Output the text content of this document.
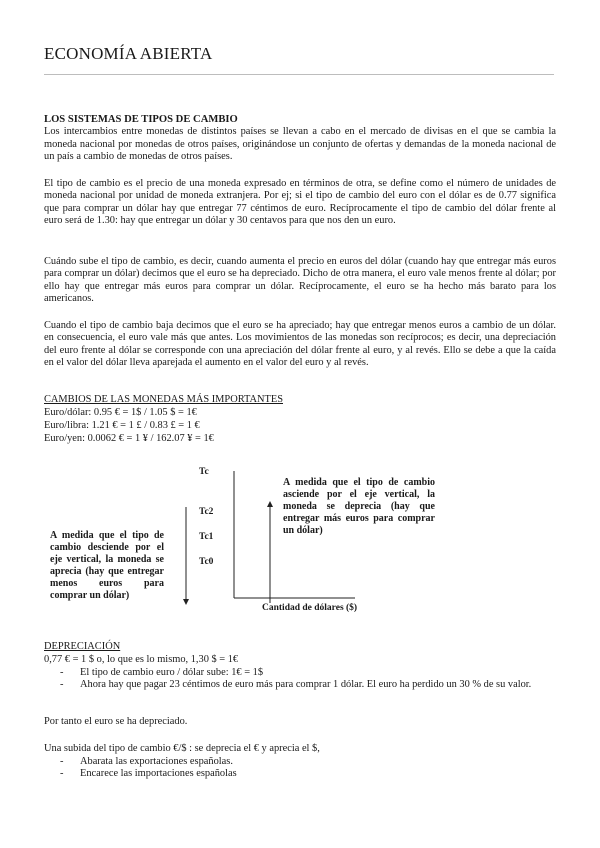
ECONOMÍA ABIERTA
LOS SISTEMAS DE TIPOS DE CAMBIO
Los intercambios entre monedas de distintos países se llevan a cabo en el mercado de divisas en el que se cambia la moneda nacional por monedas de otros países, originándose un conjunto de ofertas y demandas de la moneda nacional de un país a cambio de monedas de otros países.
El tipo de cambio es el precio de una moneda expresado en términos de otra, se define como el número de unidades de moneda nacional por unidad de moneda extranjera. Por ej; si el tipo de cambio del euro con el dólar es de 0.77 significa que para comprar un dólar hay que entregar 77 céntimos de euro. Recíprocamente el tipo de cambio del dólar frente al euro será de 1.30: hay que entregar un dólar y 30 centavos para que nos den un euro.
Cuándo sube el tipo de cambio, es decir, cuando aumenta el precio en euros del dólar (cuando hay que entregar más euros para comprar un dólar) decimos que el euro se ha depreciado. Dicho de otra manera, el euro vale menos frente al dólar; por ello hay que entregar más euros para comprar un dólar. Recíprocamente, el euro se ha hecho más barato para los americanos.
Cuando el tipo de cambio baja decimos que el euro se ha apreciado; hay que entregar menos euros a cambio de un dólar. en consecuencia, el euro vale más que antes. Los movimientos de las monedas son recíprocos; es decir, una depreciación del euro frente al dólar se corresponde con una apreciación del dólar frente al euro, y al revés. Ello se debe a que la caída en el valor del dólar lleva aparejada el aumento en el valor del euro y al revés.
CAMBIOS DE LAS MONEDAS MÁS IMPORTANTES
Euro/dólar: 0.95 € = 1$ / 1.05 $ = 1€
Euro/libra: 1.21 € = 1 £ / 0.83 £ = 1 €
Euro/yen: 0.0062 € = 1 ¥ / 162.07 ¥ = 1€
Tc
Tc2
Tc1
Tc0
Cantidad de dólares ($)
A medida que el tipo de cambio asciende por el eje vertical, la moneda se deprecia (hay que entregar más euros para comprar un dólar)
A medida que el tipo de cambio desciende por el eje vertical, la moneda se aprecia (hay que entregar menos euros para comprar un dólar)
DEPRECIACIÓN
0,77 € = 1 $ o, lo que es lo mismo, 1,30 $ = 1€
- El tipo de cambio euro / dólar sube: 1€ = 1$
- Ahora hay que pagar 23 céntimos de euro más para comprar 1 dólar. El euro ha perdido un 30 % de su valor.
Por tanto el euro se ha depreciado.
Una subida del tipo de cambio €/$ : se deprecia el € y aprecia el $,
- Abarata las exportaciones españolas.
- Encarece las importaciones españolas
